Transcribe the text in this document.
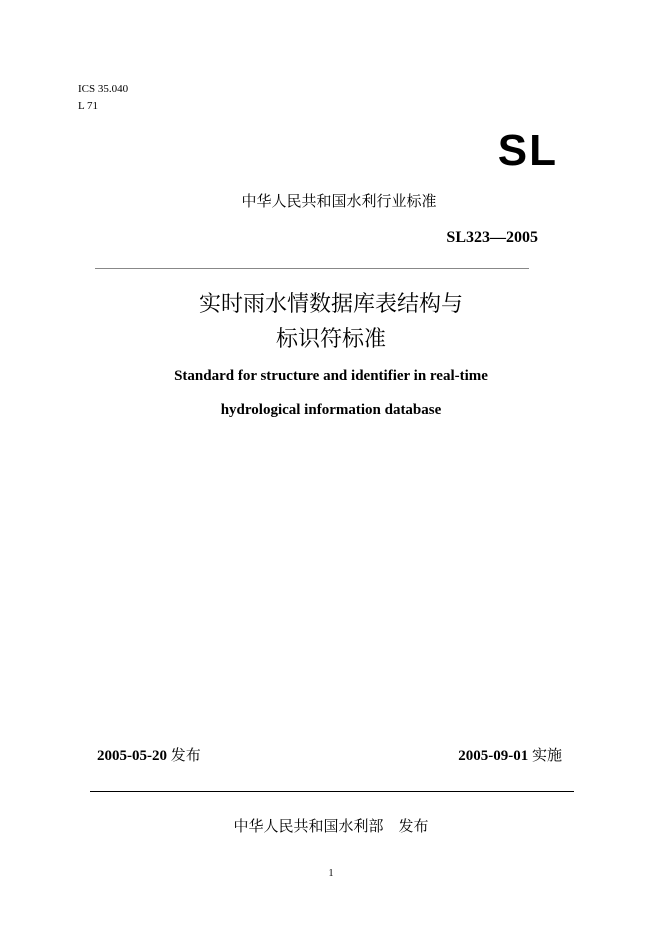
ICS 35.040
L 71
SL
中华人民共和国水利行业标准
SL323—2005
实时雨水情数据库表结构与
标识符标准
Standard for structure and identifier in real-time
hydrological information database
2005-05-20 发布	2005-09-01 实施
中华人民共和国水利部　发布
1
